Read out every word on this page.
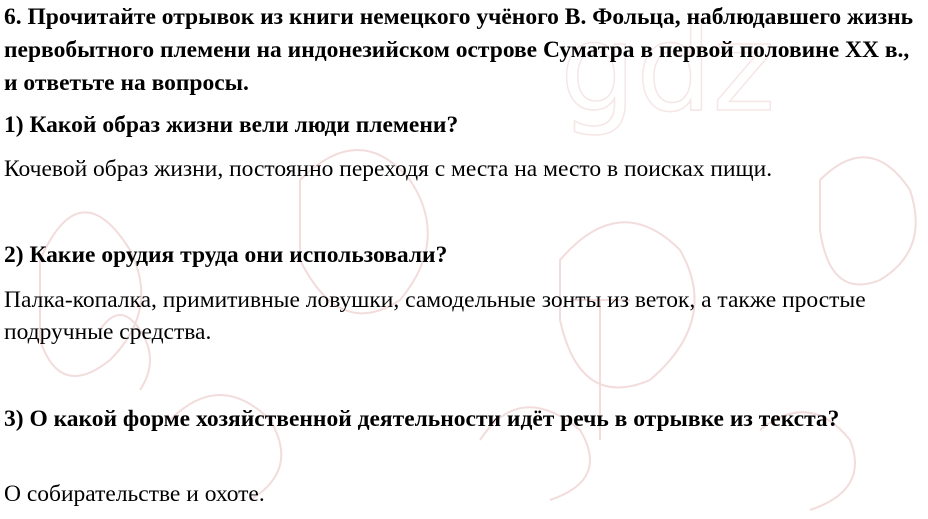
gdz

6. Прочитайте отрывок из книги немецкого учёного В. Фольца, наблюдавшего жизнь первобытного племени на индонезийском острове Суматра в первой половине XX в., и ответьте на вопросы.

1) Какой образ жизни вели люди племени?

Кочевой образ жизни, постоянно переходя с места на место в поисках пищи.

2) Какие орудия труда они использовали?

Палка-копалка, примитивные ловушки, самодельные зонты из веток, а также простые подручные средства.

3) О какой форме хозяйственной деятельности идёт речь в отрывке из текста?

О собирательстве и охоте.
